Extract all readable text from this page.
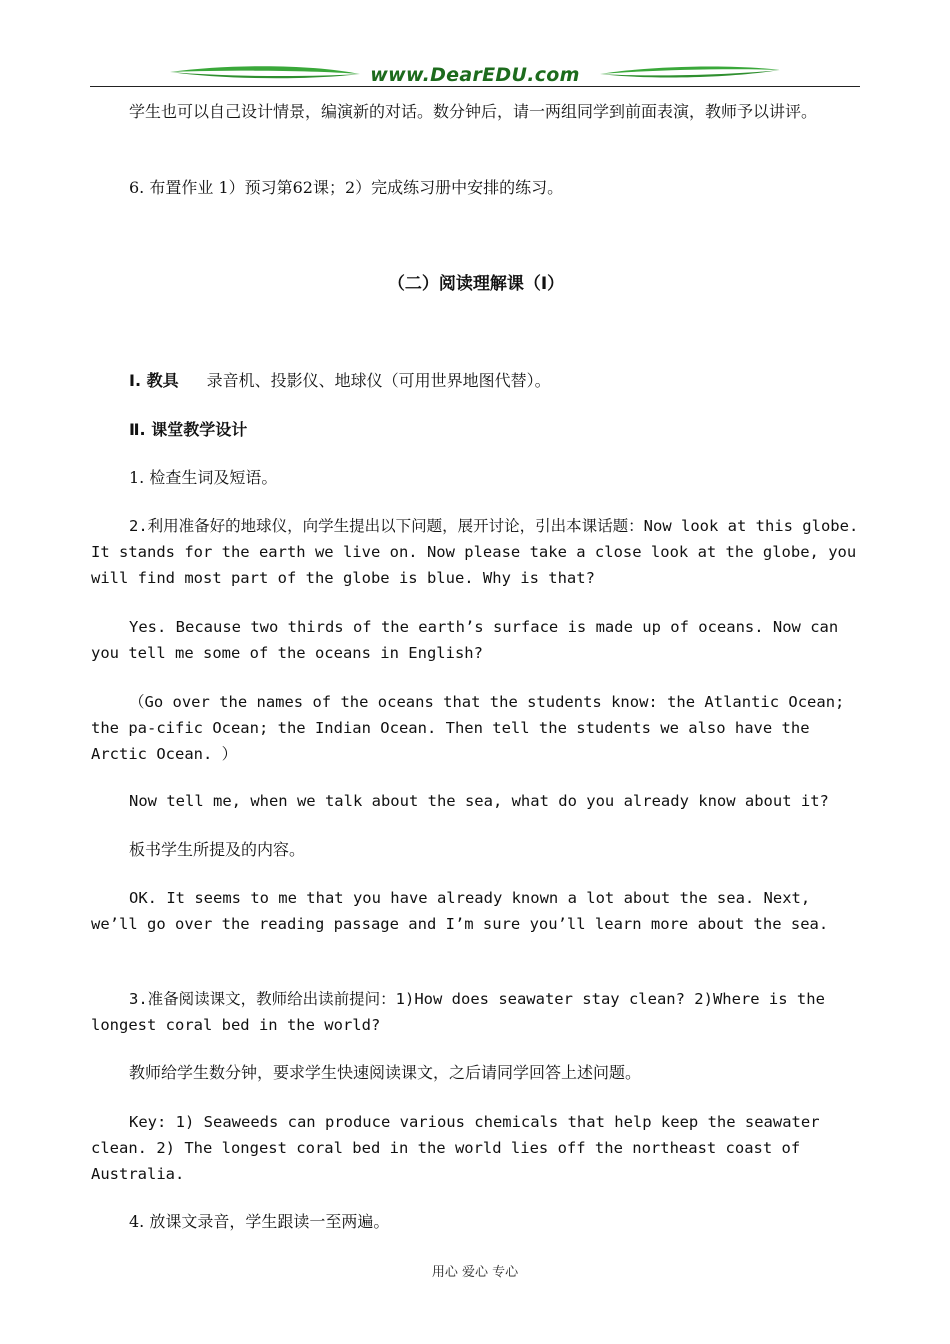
www.DearEDU.com

学生也可以自己设计情景，编演新的对话。数分钟后，请一两组同学到前面表演，教师予以讲评。

6. 布置作业 1）预习第62课；2）完成练习册中安排的练习。

（二）阅读理解课（Ⅰ）

Ⅰ. 教具 录音机、投影仪、地球仪（可用世界地图代替）。

Ⅱ. 课堂教学设计

1. 检查生词及短语。

2.利用准备好的地球仪，向学生提出以下问题，展开讨论，引出本课话题：Now look at this globe. It stands for the earth we live on. Now please take a close look at the globe, you will find most part of the globe is blue. Why is that?

Yes. Because two thirds of the earth’s surface is made up of oceans. Now can you tell me some of the oceans in English?

（Go over the names of the oceans that the students know: the Atlantic Ocean; the pa-cific Ocean; the Indian Ocean. Then tell the students we also have the Arctic Ocean. ）

Now tell me, when we talk about the sea, what do you already know about it?

板书学生所提及的内容。

OK. It seems to me that you have already known a lot about the sea. Next, we’ll go over the reading passage and I’m sure you’ll learn more about the sea.

3.准备阅读课文，教师给出读前提问：1)How does seawater stay clean? 2)Where is the longest coral bed in the world?

教师给学生数分钟，要求学生快速阅读课文，之后请同学回答上述问题。

Key: 1) Seaweeds can produce various chemicals that help keep the seawater clean. 2) The longest coral bed in the world lies off the northeast coast of Australia.

4. 放课文录音，学生跟读一至两遍。

用心 爱心 专心
